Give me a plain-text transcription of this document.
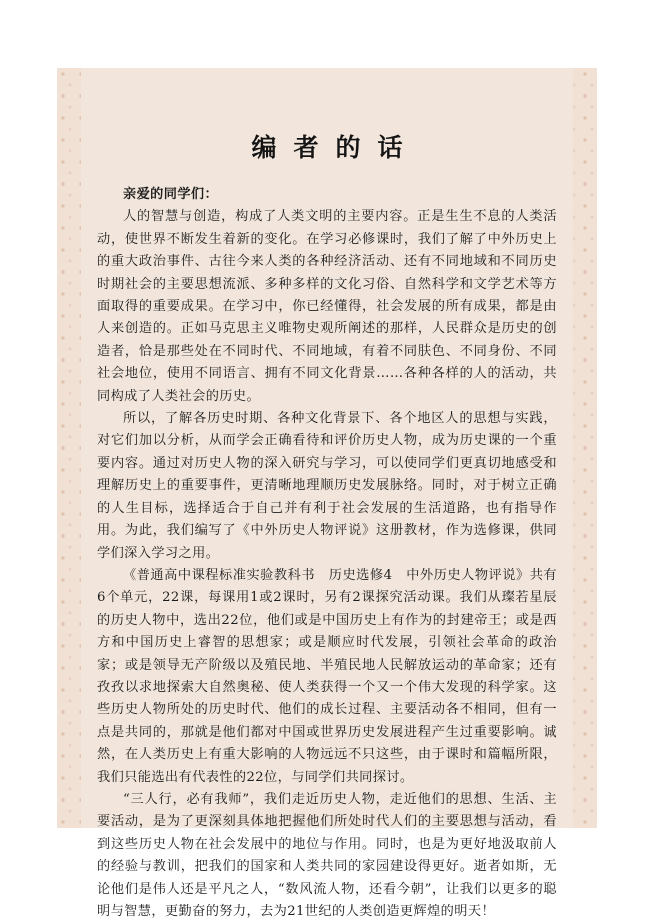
编者的话
亲爱的同学们：

人的智慧与创造，构成了人类文明的主要内容。正是生生不息的人类活动，使世界不断发生着新的变化。在学习必修课时，我们了解了中外历史上的重大政治事件、古往今来人类的各种经济活动、还有不同地域和不同历史时期社会的主要思想流派、多种多样的文化习俗、自然科学和文学艺术等方面取得的重要成果。在学习中，你已经懂得，社会发展的所有成果，都是由人来创造的。正如马克思主义唯物史观所阐述的那样，人民群众是历史的创造者，恰是那些处在不同时代、不同地域，有着不同肤色、不同身份、不同社会地位，使用不同语言、拥有不同文化背景……各种各样的人的活动，共同构成了人类社会的历史。

所以，了解各历史时期、各种文化背景下、各个地区人的思想与实践，对它们加以分析，从而学会正确看待和评价历史人物，成为历史课的一个重要内容。通过对历史人物的深入研究与学习，可以使同学们更真切地感受和理解历史上的重要事件，更清晰地理顺历史发展脉络。同时，对于树立正确的人生目标，选择适合于自己并有利于社会发展的生活道路，也有指导作用。为此，我们编写了《中外历史人物评说》这册教材，作为选修课，供同学们深入学习之用。

《普通高中课程标准实验教科书　历史选修4　中外历史人物评说》共有6个单元，22课，每课用1或2课时，另有2课探究活动课。我们从璨若星辰的历史人物中，选出22位，他们或是中国历史上有作为的封建帝王；或是西方和中国历史上睿智的思想家；或是顺应时代发展，引领社会革命的政治家；或是领导无产阶级以及殖民地、半殖民地人民解放运动的革命家；还有孜孜以求地探索大自然奥秘、使人类获得一个又一个伟大发现的科学家。这些历史人物所处的历史时代、他们的成长过程、主要活动各不相同，但有一点是共同的，那就是他们都对中国或世界历史发展进程产生过重要影响。诚然，在人类历史上有重大影响的人物远远不只这些，由于课时和篇幅所限，我们只能选出有代表性的22位，与同学们共同探讨。

“三人行，必有我师”，我们走近历史人物，走近他们的思想、生活、主要活动，是为了更深刻具体地把握他们所处时代人们的主要思想与活动，看到这些历史人物在社会发展中的地位与作用。同时，也是为更好地汲取前人的经验与教训，把我们的国家和人类共同的家园建设得更好。逝者如斯，无论他们是伟人还是平凡之人，“数风流人物，还看今朝”，让我们以更多的聪明与智慧，更勤奋的努力，去为21世纪的人类创造更辉煌的明天！
